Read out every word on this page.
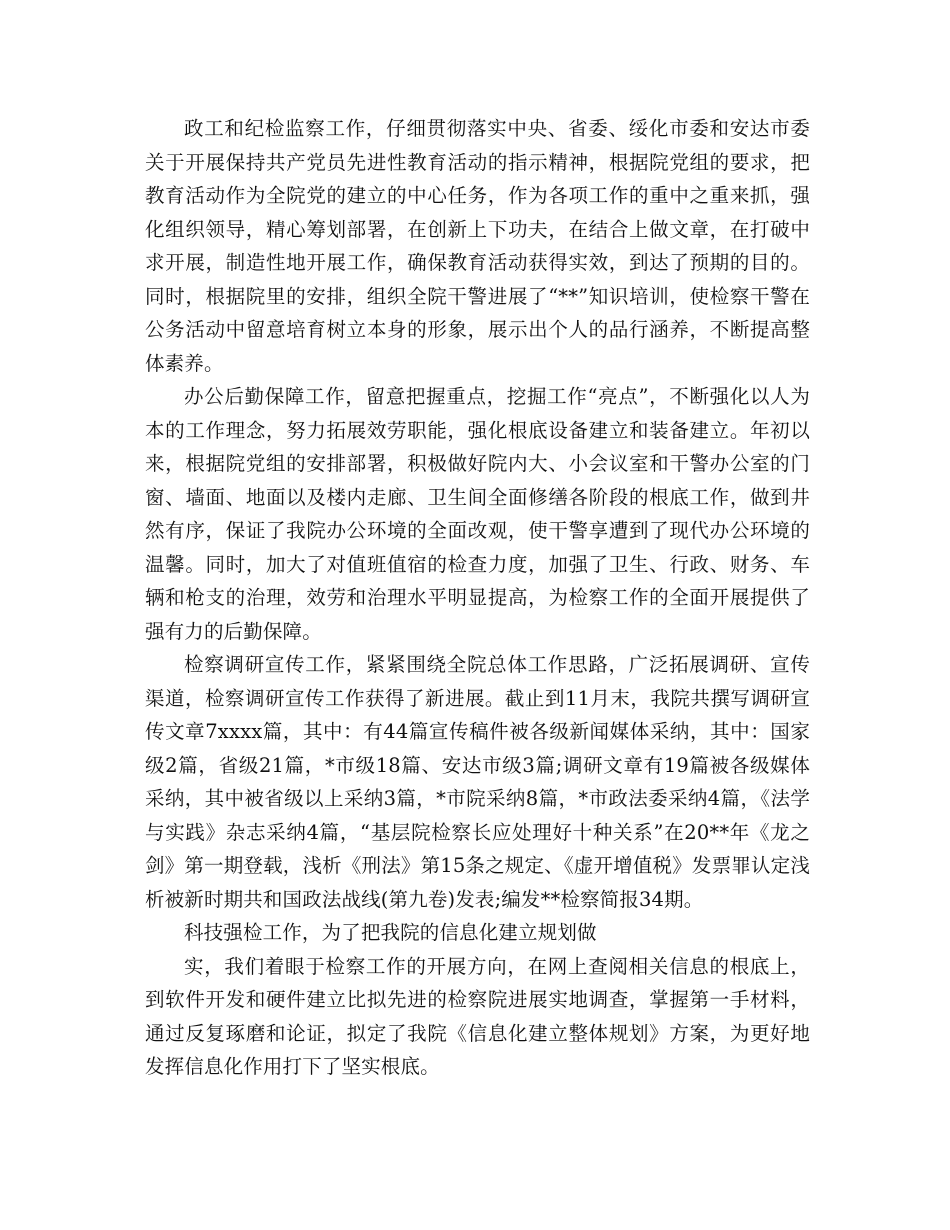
政工和纪检监察工作，仔细贯彻落实中央、省委、绥化市委和安达市委关于开展保持共产党员先进性教育活动的指示精神，根据院党组的要求，把教育活动作为全院党的建立的中心任务，作为各项工作的重中之重来抓，强化组织领导，精心筹划部署，在创新上下功夫，在结合上做文章，在打破中求开展，制造性地开展工作，确保教育活动获得实效，到达了预期的目的。同时，根据院里的安排，组织全院干警进展了“**”知识培训，使检察干警在公务活动中留意培育树立本身的形象，展示出个人的品行涵养，不断提高整体素养。

办公后勤保障工作，留意把握重点，挖掘工作“亮点”，不断强化以人为本的工作理念，努力拓展效劳职能，强化根底设备建立和装备建立。年初以来，根据院党组的安排部署，积极做好院内大、小会议室和干警办公室的门窗、墙面、地面以及楼内走廊、卫生间全面修缮各阶段的根底工作，做到井然有序，保证了我院办公环境的全面改观，使干警享遭到了现代办公环境的温馨。同时，加大了对值班值宿的检查力度，加强了卫生、行政、财务、车辆和枪支的治理，效劳和治理水平明显提高，为检察工作的全面开展提供了强有力的后勤保障。

检察调研宣传工作，紧紧围绕全院总体工作思路，广泛拓展调研、宣传渠道，检察调研宣传工作获得了新进展。截止到11月末，我院共撰写调研宣传文章7xxxx篇，其中：有44篇宣传稿件被各级新闻媒体采纳，其中：国家级2篇，省级21篇，*市级18篇、安达市级3篇;调研文章有19篇被各级媒体采纳，其中被省级以上采纳3篇，*市院采纳8篇，*市政法委采纳4篇，《法学与实践》杂志采纳4篇，“基层院检察长应处理好十种关系”在20**年《龙之剑》第一期登载，浅析《刑法》第15条之规定、《虚开增值税》发票罪认定浅析被新时期共和国政法战线(第九卷)发表;编发**检察简报34期。

科技强检工作，为了把我院的信息化建立规划做

实，我们着眼于检察工作的开展方向，在网上查阅相关信息的根底上，到软件开发和硬件建立比拟先进的检察院进展实地调查，掌握第一手材料，通过反复琢磨和论证，拟定了我院《信息化建立整体规划》方案，为更好地发挥信息化作用打下了坚实根底。
